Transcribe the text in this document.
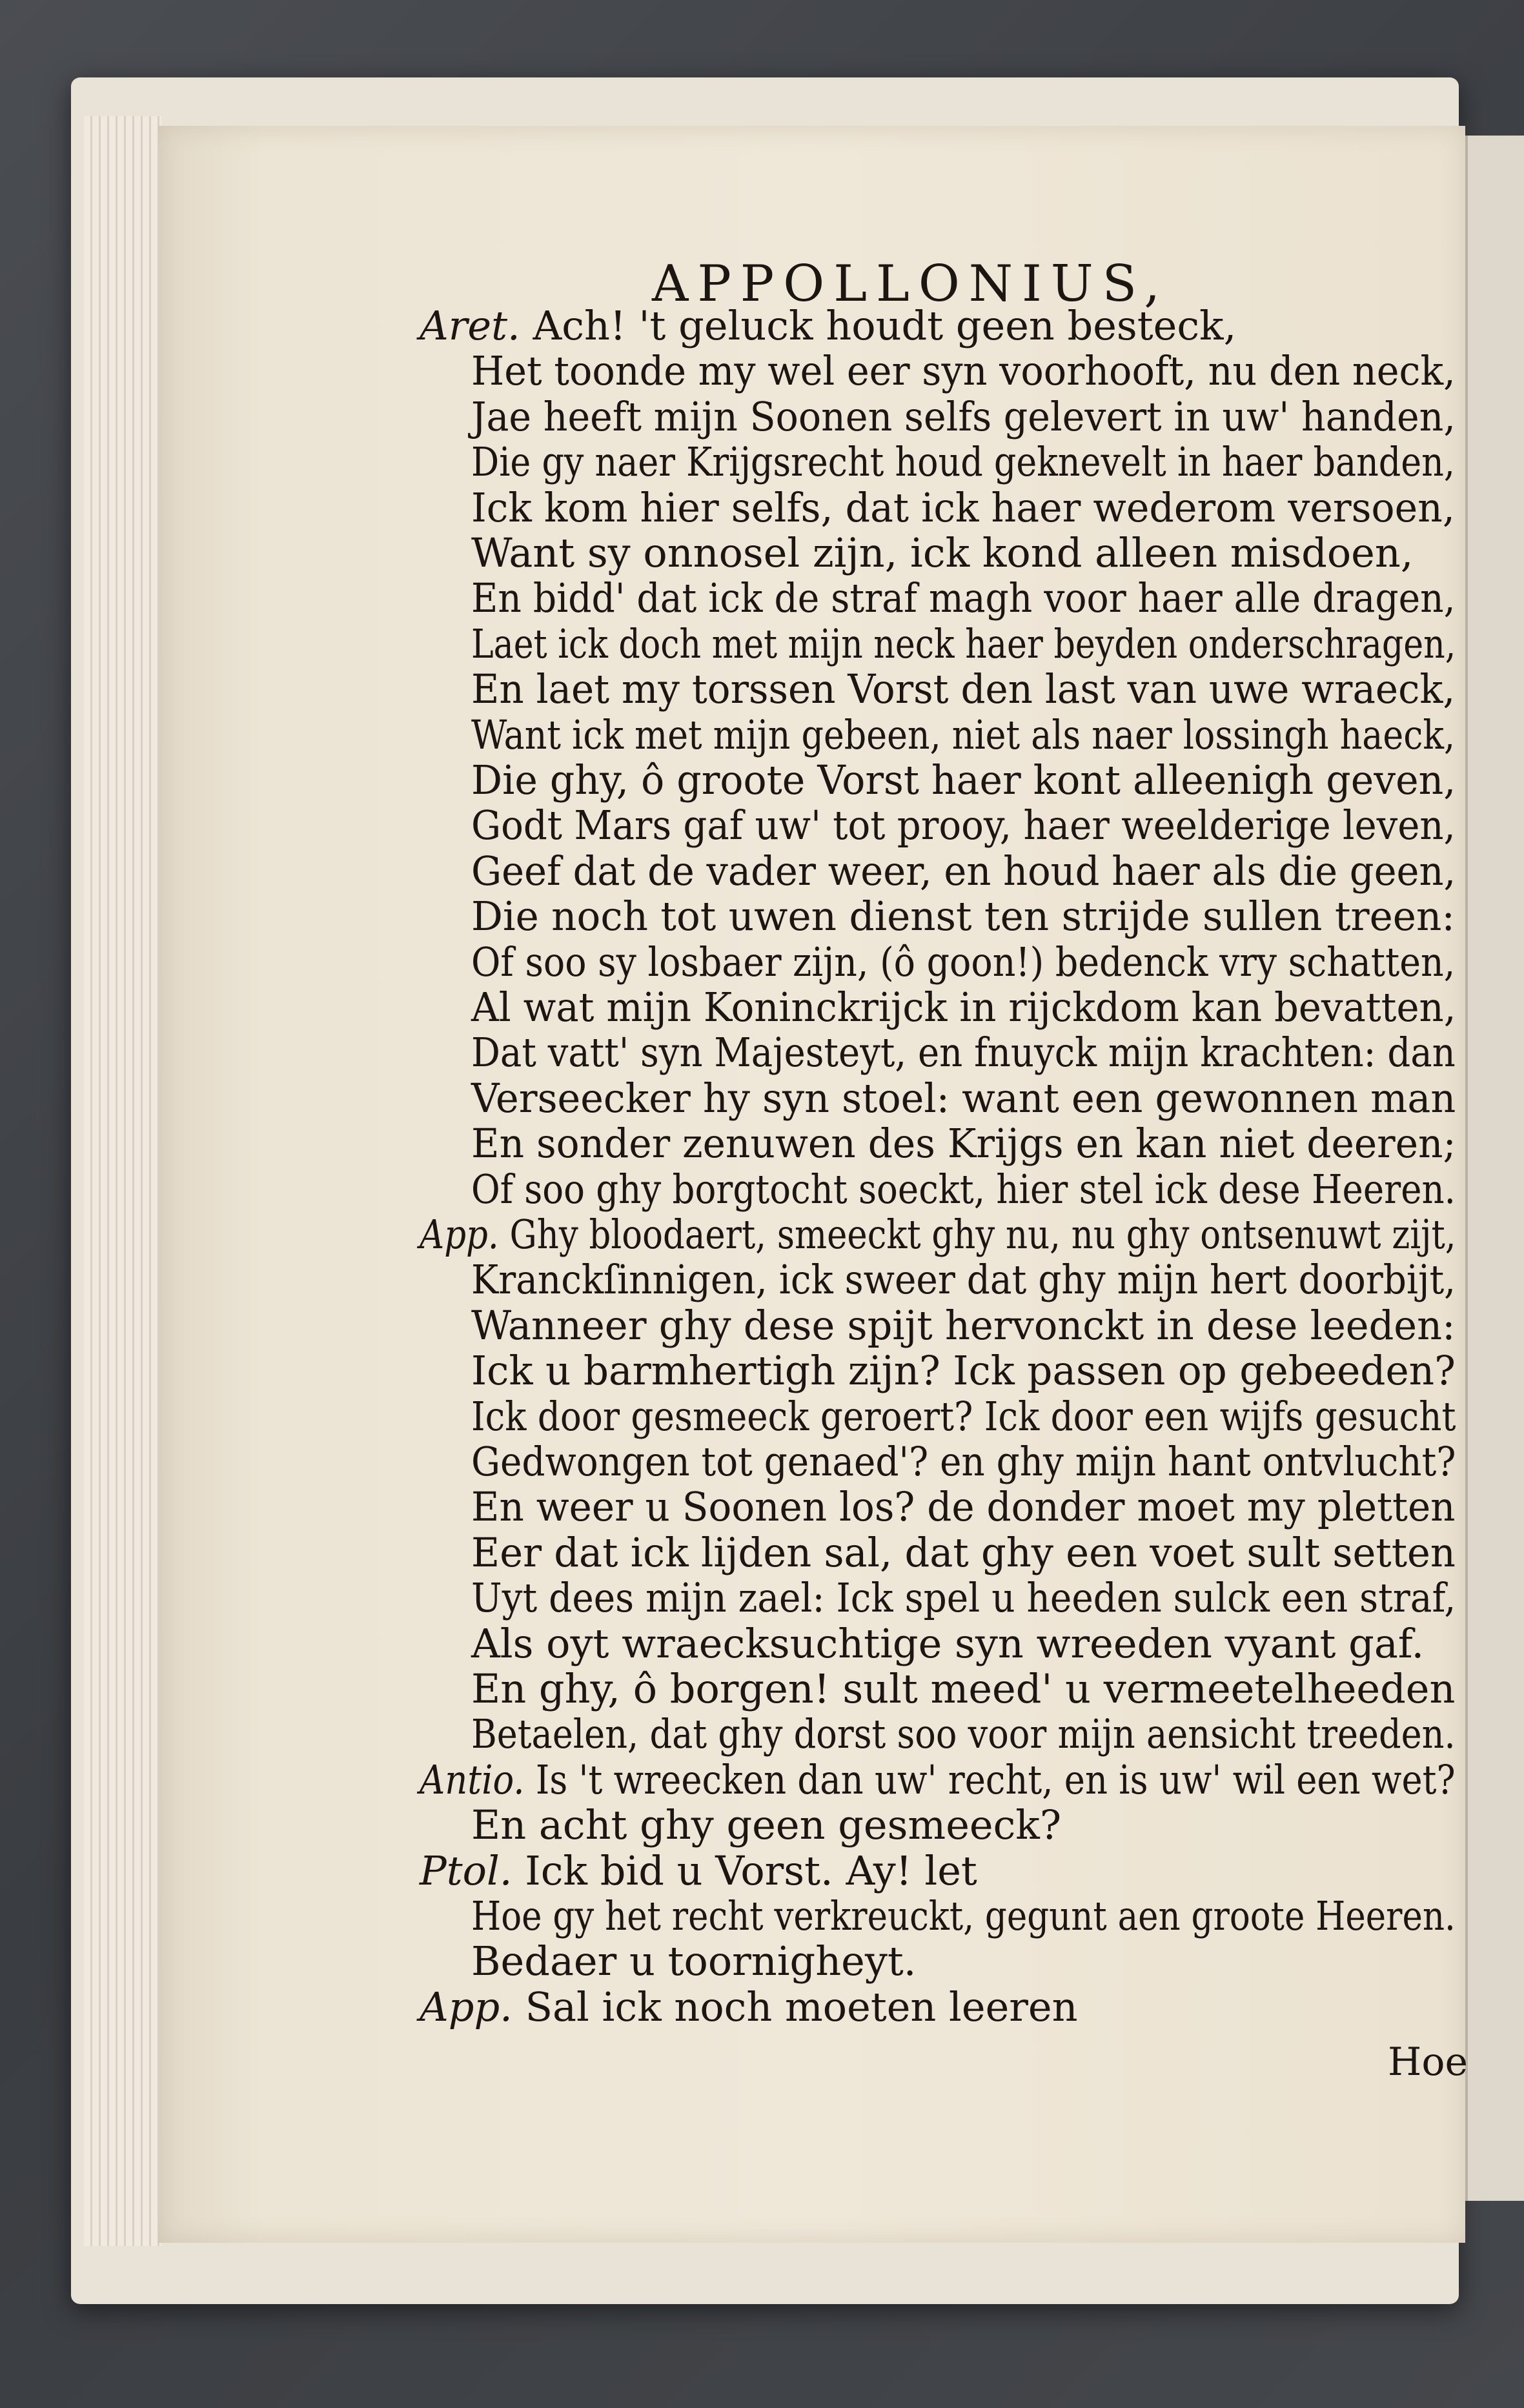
APPOLLONIUS,
Aret. Ach! 't geluck houdt geen besteck,
Het toonde my wel eer syn voorhooft, nu den neck,
Jae heeft mijn Soonen selfs gelevert in uw' handen,
Die gy naer Krijgsrecht houd geknevelt in haer banden,
Ick kom hier selfs, dat ick haer wederom versoen,
Want sy onnosel zijn, ick kond alleen misdoen,
En bidd' dat ick de straf magh voor haer alle dragen,
Laet ick doch met mijn neck haer beyden onderschragen,
En laet my torssen Vorst den last van uwe wraeck,
Want ick met mijn gebeen, niet als naer lossingh haeck,
Die ghy, ô groote Vorst haer kont alleenigh geven,
Godt Mars gaf uw' tot prooy, haer weelderige leven,
Geef dat de vader weer, en houd haer als die geen,
Die noch tot uwen dienst ten strijde sullen treen:
Of soo sy losbaer zijn, (ô goon!) bedenck vry schatten,
Al wat mijn Koninckrijck in rijckdom kan bevatten,
Dat vatt' syn Majesteyt, en fnuyck mijn krachten: dan
Verseecker hy syn stoel: want een gewonnen man
En sonder zenuwen des Krijgs en kan niet deeren;
Of soo ghy borgtocht soeckt, hier stel ick dese Heeren.
App. Ghy bloodaert, smeeckt ghy nu, nu ghy ontsenuwt zijt,
Kranckſinnigen, ick sweer dat ghy mijn hert doorbijt,
Wanneer ghy dese spijt hervonckt in dese leeden:
Ick u barmhertigh zijn? Ick passen op gebeeden?
Ick door gesmeeck geroert? Ick door een wijfs gesucht
Gedwongen tot genaed'? en ghy mijn hant ontvlucht?
En weer u Soonen los? de donder moet my pletten
Eer dat ick lijden sal, dat ghy een voet sult setten
Uyt dees mijn zael: Ick spel u heeden sulck een straf,
Als oyt wraecksuchtige syn wreeden vyant gaf.
En ghy, ô borgen! sult meed' u vermeetelheeden
Betaelen, dat ghy dorst soo voor mijn aensicht treeden.
Antio. Is 't wreecken dan uw' recht, en is uw' wil een wet?
En acht ghy geen gesmeeck?
Ptol. Ick bid u Vorst. Ay! let
Hoe gy het recht verkreuckt, gegunt aen groote Heeren.
Bedaer u toornigheyt.
App. Sal ick noch moeten leeren
Hoe
